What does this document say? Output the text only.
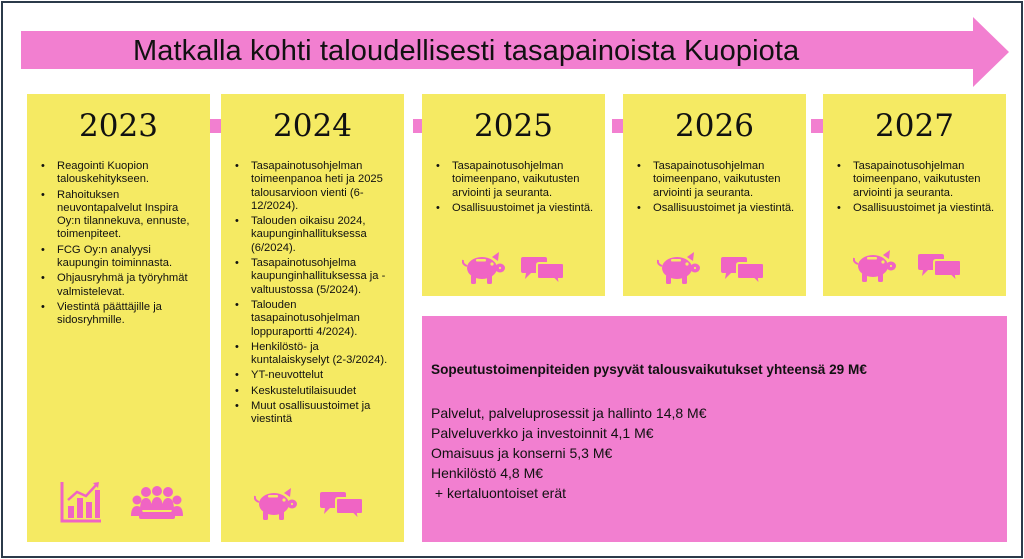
Matkalla kohti taloudellisesti tasapainoista Kuopiota
2023
• Reagointi Kuopion talouskehitykseen.
• Rahoituksen neuvontapalvelut Inspira Oy:n tilannekuva, ennuste, toimenpiteet.
• FCG Oy:n analyysi kaupungin toiminnasta.
• Ohjausryhmä ja työryhmät valmistelevat.
• Viestintä päättäjille ja sidosryhmille.
2024
• Tasapainotusohjelman toimeenpanoa heti ja 2025 talousarvioon vienti (6-12/2024).
• Talouden oikaisu 2024, kaupunginhallituksessa (6/2024).
• Tasapainotusohjelma kaupunginhallituksessa ja -valtuustossa (5/2024).
• Talouden tasapainotusohjelman loppuraportti 4/2024).
• Henkilöstö- ja kuntalaiskyselyt (2-3/2024).
• YT-neuvottelut
• Keskustelutilaisuudet
• Muut osallisuustoimet ja viestintä
2025
• Tasapainotusohjelman toimeenpano, vaikutusten arviointi ja seuranta.
• Osallisuustoimet ja viestintä.
2026
• Tasapainotusohjelman toimeenpano, vaikutusten arviointi ja seuranta.
• Osallisuustoimet ja viestintä.
2027
• Tasapainotusohjelman toimeenpano, vaikutusten arviointi ja seuranta.
• Osallisuustoimet ja viestintä.
Sopeutustoimenpiteiden pysyvät talousvaikutukset yhteensä 29 M€
Palvelut, palveluprosessit ja hallinto 14,8 M€
Palveluverkko ja investoinnit 4,1 M€
Omaisuus ja konserni 5,3 M€
Henkilöstö 4,8 M€
+ kertaluontoiset erät
